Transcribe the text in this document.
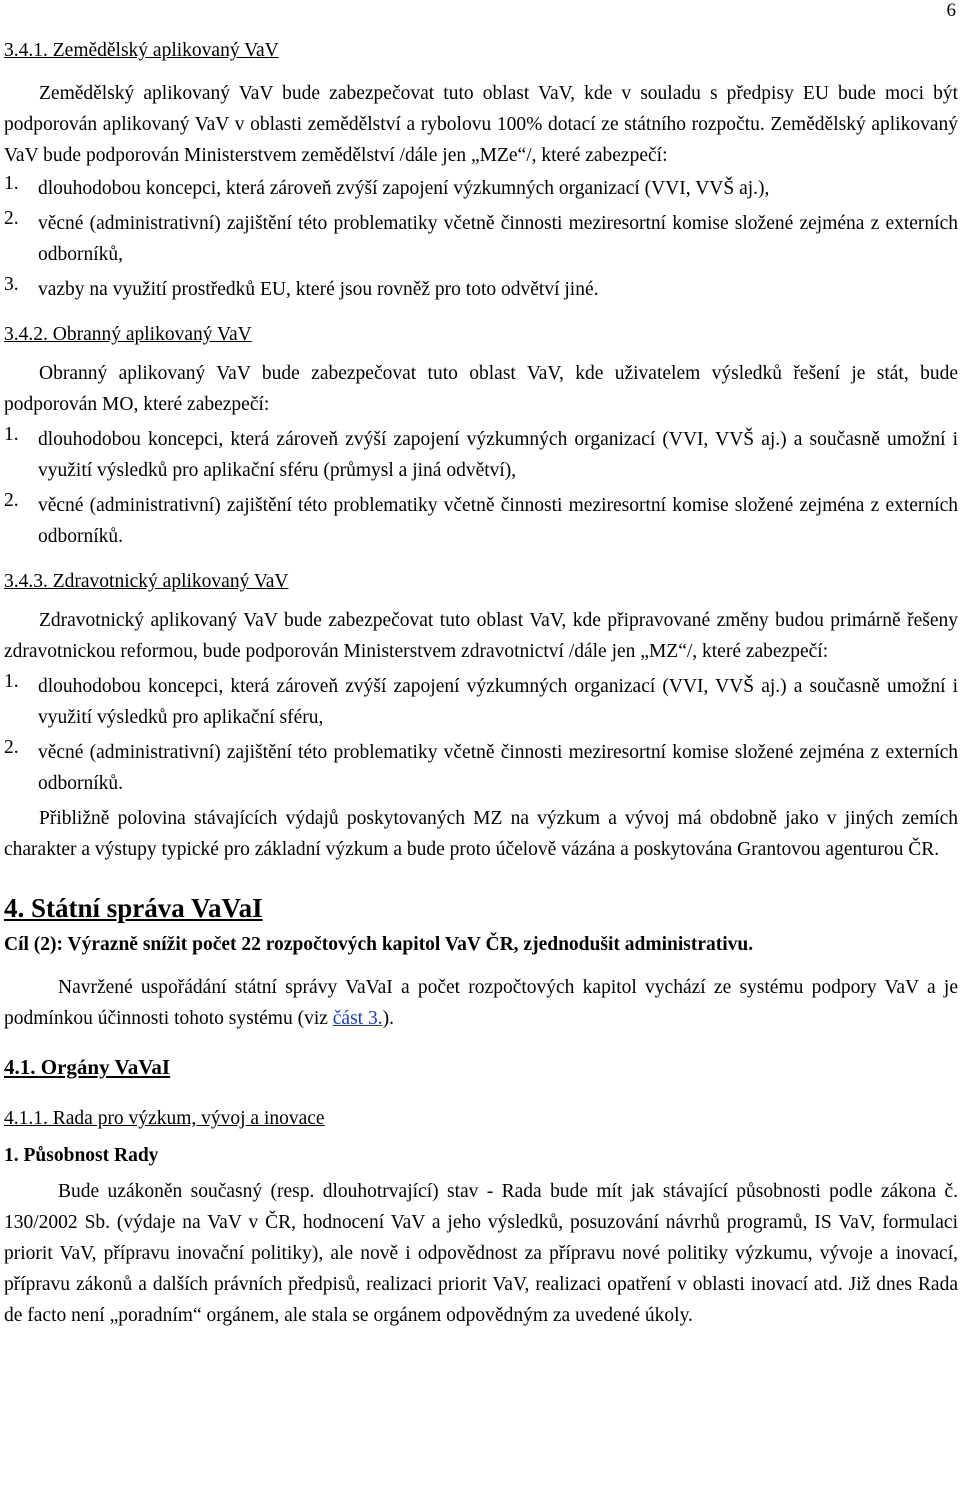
6

3.4.1. Zemědělský aplikovaný VaV

Zemědělský aplikovaný VaV bude zabezpečovat tuto oblast VaV, kde v souladu s předpisy EU bude moci být podporován aplikovaný VaV v oblasti zemědělství a rybolovu 100% dotací ze státního rozpočtu. Zemědělský aplikovaný VaV bude podporován Ministerstvem zemědělství /dále jen „MZe“/, které zabezpečí:

1. dlouhodobou koncepci, která zároveň zvýší zapojení výzkumných organizací (VVI, VVŠ aj.),
2. věcné (administrativní) zajištění této problematiky včetně činnosti meziresortní komise složené zejména z externích odborníků,
3. vazby na využití prostředků EU, které jsou rovněž pro toto odvětví jiné.

3.4.2. Obranný aplikovaný VaV

Obranný aplikovaný VaV bude zabezpečovat tuto oblast VaV, kde uživatelem výsledků řešení je stát, bude podporován MO, které zabezpečí:

1. dlouhodobou koncepci, která zároveň zvýší zapojení výzkumných organizací (VVI, VVŠ aj.) a současně umožní i využití výsledků pro aplikační sféru (průmysl a jiná odvětví),
2. věcné (administrativní) zajištění této problematiky včetně činnosti meziresortní komise složené zejména z externích odborníků.

3.4.3. Zdravotnický aplikovaný VaV

Zdravotnický aplikovaný VaV bude zabezpečovat tuto oblast VaV, kde připravované změny budou primárně řešeny zdravotnickou reformou, bude podporován Ministerstvem zdravotnictví /dále jen „MZ“/, které zabezpečí:

1. dlouhodobou koncepci, která zároveň zvýší zapojení výzkumných organizací (VVI, VVŠ aj.) a současně umožní i využití výsledků pro aplikační sféru,
2. věcné (administrativní) zajištění této problematiky včetně činnosti meziresortní komise složené zejména z externích odborníků.

Přibližně polovina stávajících výdajů poskytovaných MZ na výzkum a vývoj má obdobně jako v jiných zemích charakter a výstupy typické pro základní výzkum a bude proto účelově vázána a poskytována Grantovou agenturou ČR.

4. Státní správa VaVaI

Cíl (2): Výrazně snížit počet 22 rozpočtových kapitol VaV ČR, zjednodušit administrativu.

Navržené uspořádání státní správy VaVaI a počet rozpočtových kapitol vychází ze systému podpory VaV a je podmínkou účinnosti tohoto systému (viz část 3.).

4.1. Orgány VaVaI

4.1.1. Rada pro výzkum, vývoj a inovace

1. Působnost Rady

Bude uzákoněn současný (resp. dlouhotrvající) stav - Rada bude mít jak stávající působnosti podle zákona č. 130/2002 Sb. (výdaje na VaV v ČR, hodnocení VaV a jeho výsledků, posuzování návrhů programů, IS VaV, formulaci priorit VaV, přípravu inovační politiky), ale nově i odpovědnost za přípravu nové politiky výzkumu, vývoje a inovací, přípravu zákonů a dalších právních předpisů, realizaci priorit VaV, realizaci opatření v oblasti inovací atd. Již dnes Rada de facto není „poradním“ orgánem, ale stala se orgánem odpovědným za uvedené úkoly.
